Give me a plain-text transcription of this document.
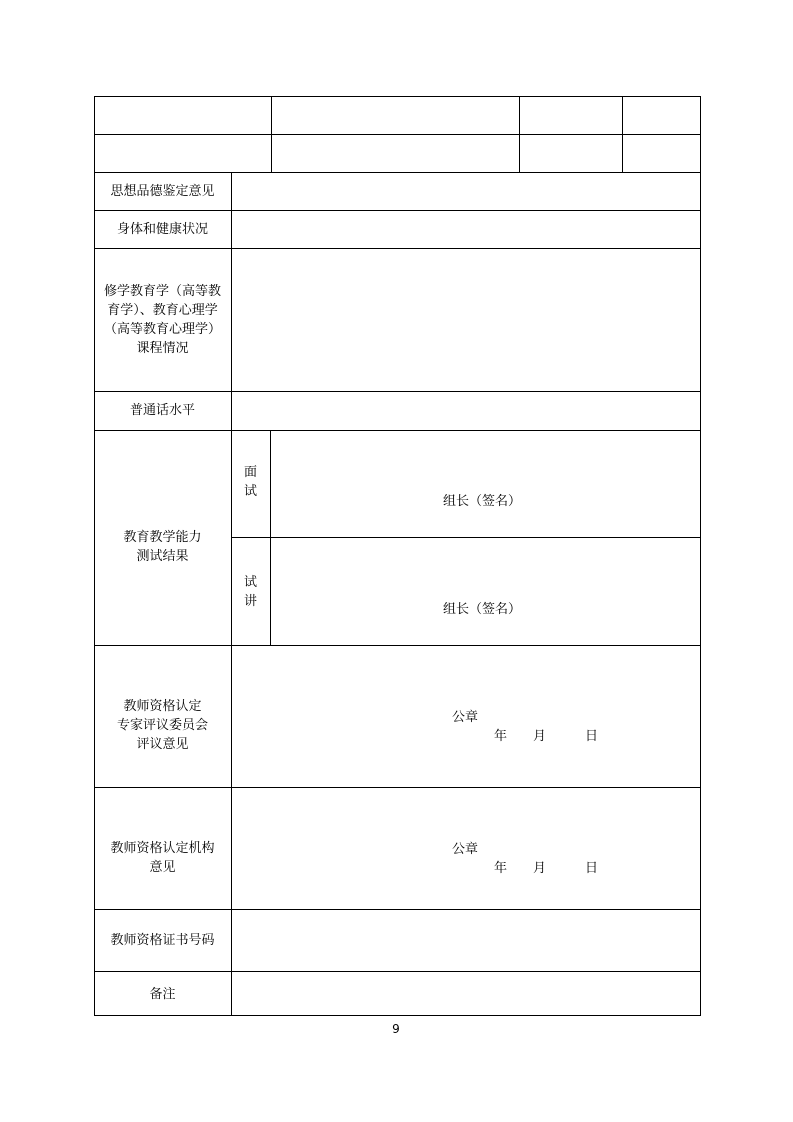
思想品德鉴定意见
身体和健康状况
修学教育学（高等教
育学）、教育心理学
（高等教育心理学）
课程情况
普通话水平
教育教学能力
测试结果
面
试
试
讲
组长（签名）
组长（签名）
教师资格认定
专家评议委员会
评议意见
公章
年　　月　　　日
教师资格认定机构
意见
公章
年　　月　　　日
教师资格证书号码
备注
9
